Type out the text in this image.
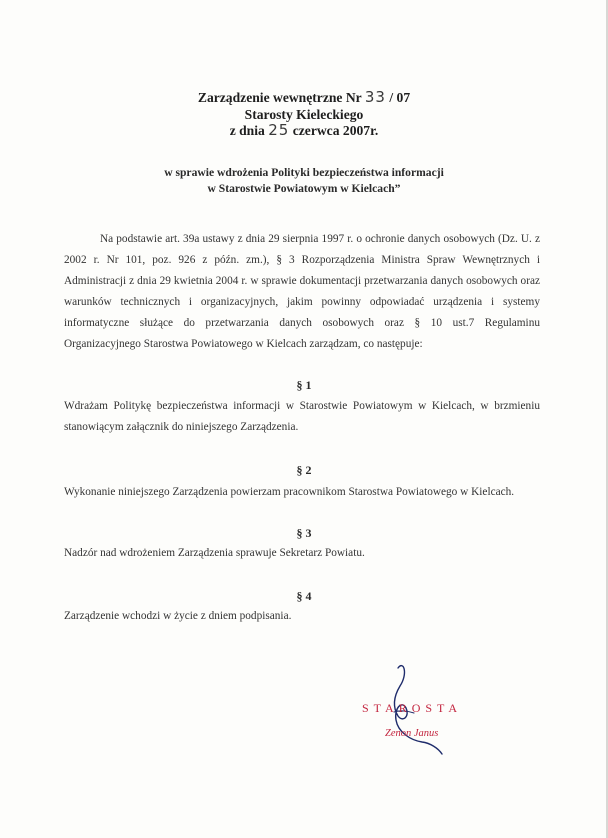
Zarządzenie wewnętrzne Nr 33 / 07
Starosty Kieleckiego
z dnia 25 czerwca 2007r.
w sprawie wdrożenia Polityki bezpieczeństwa informacji
w Starostwie Powiatowym w Kielcach”
Na podstawie art. 39a ustawy z dnia 29 sierpnia 1997 r. o ochronie danych osobowych (Dz. U. z 2002 r. Nr 101, poz. 926 z późn. zm.), § 3 Rozporządzenia Ministra Spraw Wewnętrznych i Administracji z dnia 29 kwietnia 2004 r. w sprawie dokumentacji przetwarzania danych osobowych oraz warunków technicznych i organizacyjnych, jakim powinny odpowiadać urządzenia i systemy informatyczne służące do przetwarzania danych osobowych oraz § 10 ust.7 Regulaminu Organizacyjnego Starostwa Powiatowego w Kielcach zarządzam, co następuje:
§ 1
Wdrażam Politykę bezpieczeństwa informacji w Starostwie Powiatowym w Kielcach, w brzmieniu stanowiącym załącznik do niniejszego Zarządzenia.
§ 2
Wykonanie niniejszego Zarządzenia powierzam pracownikom Starostwa Powiatowego w Kielcach.
§ 3
Nadzór nad wdrożeniem Zarządzenia sprawuje Sekretarz Powiatu.
§ 4
Zarządzenie wchodzi w życie z dniem podpisania.
STAROSTA
Zenon Janus
